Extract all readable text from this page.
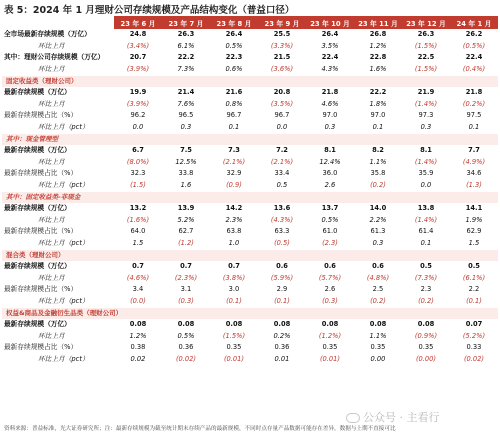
表 5：2024 年 1 月理财公司存续规模及产品结构变化（普益口径）
	23 年 6 月	23 年 7 月	23 年 8 月	23 年 9 月	23 年 10 月	23 年 11 月	23 年 12 月	24 年 1 月
全市场最新存续规模（万亿）	24.8	26.3	26.4	25.5	26.4	26.8	26.3	26.2
环比上月	(3.4%)	6.1%	0.5%	(3.3%)	3.5%	1.2%	(1.5%)	(0.5%)
其中：理财公司存续规模（万亿）	20.7	22.2	22.3	21.5	22.4	22.8	22.5	22.4
环比上月	(3.9%)	7.3%	0.6%	(3.6%)	4.3%	1.6%	(1.5%)	(0.4%)
固定收益类（理财公司）								
最新存续规模（万亿）	19.9	21.4	21.6	20.8	21.8	22.2	21.9	21.8
环比上月	(3.9%)	7.6%	0.8%	(3.5%)	4.6%	1.8%	(1.4%)	(0.2%)
最新存续规模占比（%）	96.2	96.5	96.7	96.7	97.0	97.0	97.3	97.5
环比上月（pct）	0.0	0.3	0.1	0.0	0.3	0.1	0.3	0.1
其中：现金管理型								
最新存续规模（万亿）	6.7	7.5	7.3	7.2	8.1	8.2	8.1	7.7
环比上月	(8.0%)	12.5%	(2.1%)	(2.1%)	12.4%	1.1%	(1.4%)	(4.9%)
最新存续规模占比（%）	32.3	33.8	32.9	33.4	36.0	35.8	35.9	34.6
环比上月（pct）	(1.5)	1.6	(0.9)	0.5	2.6	(0.2)	0.0	(1.3)
其中：固定收益类-非现金								
最新存续规模（万亿）	13.2	13.9	14.2	13.6	13.7	14.0	13.8	14.1
环比上月	(1.6%)	5.2%	2.3%	(4.3%)	0.5%	2.2%	(1.4%)	1.9%
最新存续规模占比（%）	64.0	62.7	63.8	63.3	61.0	61.3	61.4	62.9
环比上月（pct）	1.5	(1.2)	1.0	(0.5)	(2.3)	0.3	0.1	1.5
混合类（理财公司）								
最新存续规模（万亿）	0.7	0.7	0.7	0.6	0.6	0.6	0.5	0.5
环比上月	(4.6%)	(2.3%)	(3.8%)	(5.9%)	(5.7%)	(4.8%)	(7.3%)	(6.1%)
最新存续规模占比（%）	3.4	3.1	3.0	2.9	2.6	2.5	2.3	2.2
环比上月（pct）	(0.0)	(0.3)	(0.1)	(0.1)	(0.3)	(0.2)	(0.2)	(0.1)
权益&商品及金融衍生品类（理财公司）								
最新存续规模（万亿）	0.08	0.08	0.08	0.08	0.08	0.08	0.08	0.07
环比上月	1.2%	0.5%	(1.5%)	0.2%	(1.2%)	1.1%	(0.9%)	(5.2%)
最新存续规模占比（%）	0.38	0.36	0.35	0.36	0.35	0.35	0.35	0.33
环比上月（pct）	0.02	(0.02)	(0.01)	0.01	(0.01)	0.00	(0.00)	(0.02)
公众号 · 主看行
资料来源：普益标准，光大证券研究所；注：最新存续规模为截至统计期末存续产品的最新规模，不同时点存量产品数据可能存在差异，数据与上期不直接可比
